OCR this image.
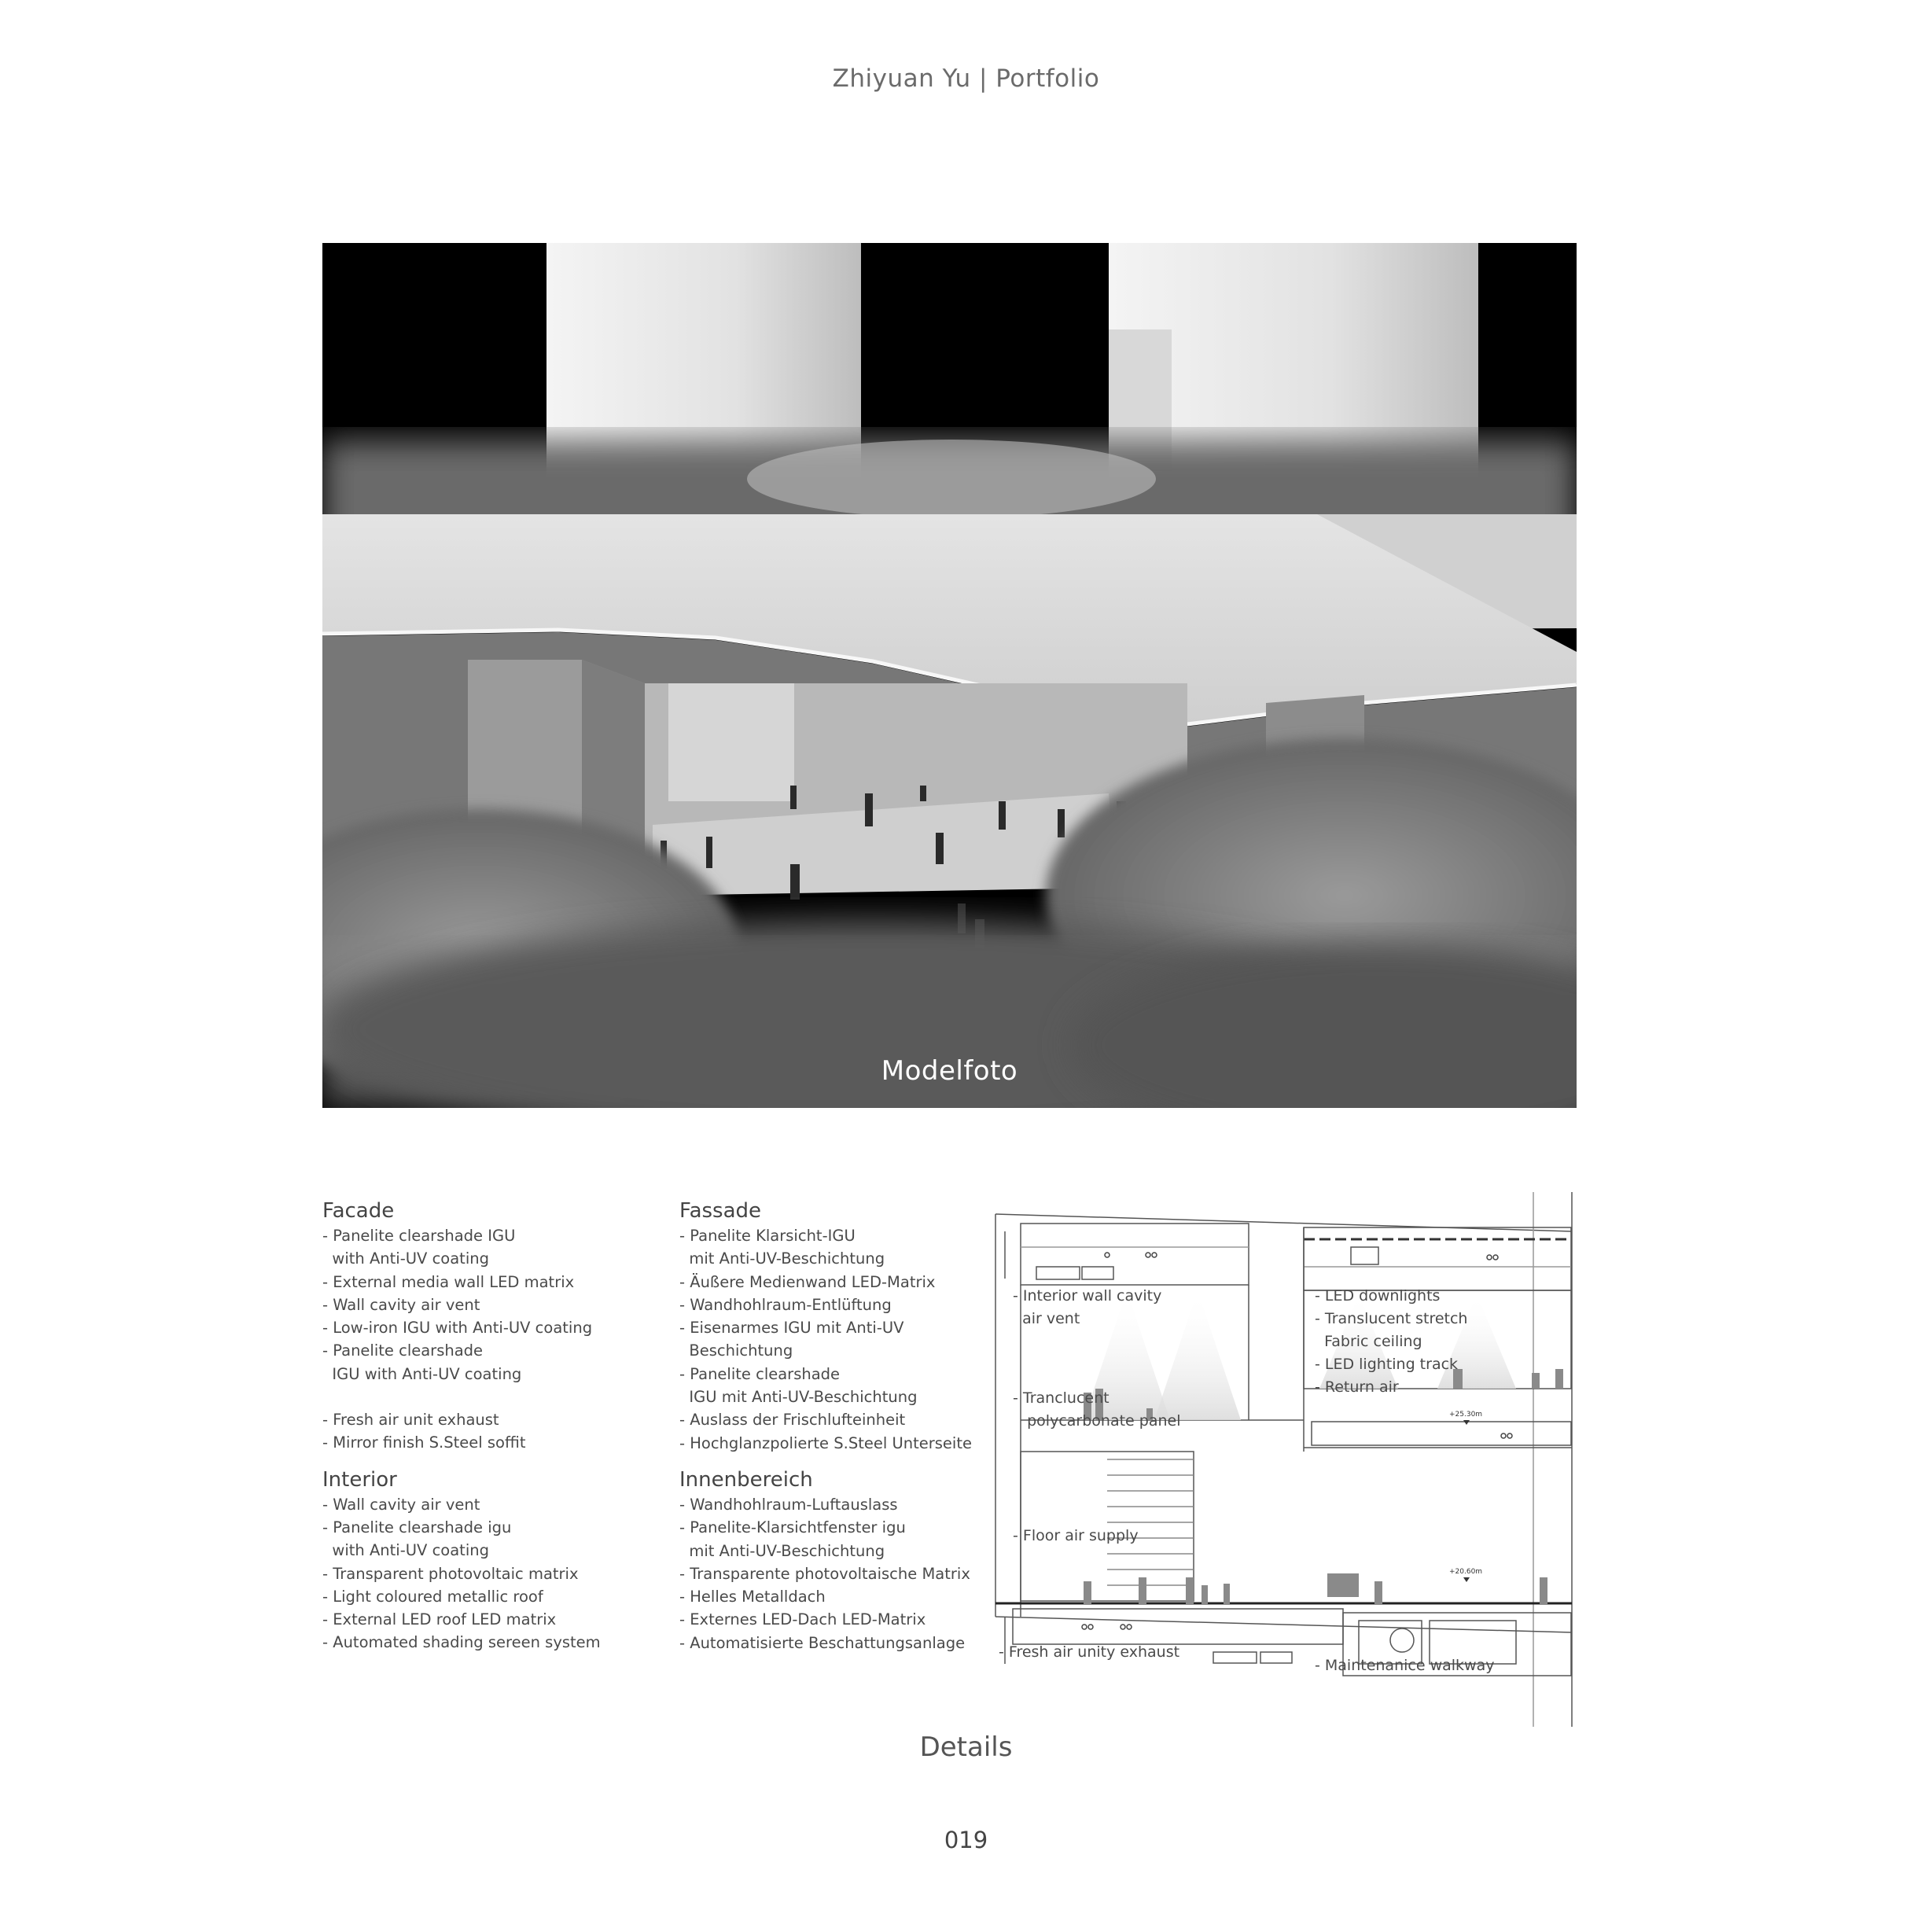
Zhiyuan Yu | Portfolio
Modelfoto
Facade
- Panelite clearshade IGU
with Anti-UV coating
- External media wall LED matrix
- Wall cavity air vent
- Low-iron IGU with Anti-UV coating
- Panelite clearshade
IGU with Anti-UV coating
- Fresh air unit exhaust
- Mirror finish S.Steel soffit
Interior
- Wall cavity air vent
- Panelite clearshade igu
with Anti-UV coating
- Transparent photovoltaic matrix
- Light coloured metallic roof
- External LED roof LED matrix
- Automated shading sereen system
Fassade
- Panelite Klarsicht-IGU
mit Anti-UV-Beschichtung
- Äußere Medienwand LED-Matrix
- Wandhohlraum-Entlüftung
- Eisenarmes IGU mit Anti-UV
Beschichtung
- Panelite clearshade
IGU mit Anti-UV-Beschichtung
- Auslass der Frischlufteinheit
- Hochglanzpolierte S.Steel Unterseite
Innenbereich
- Wandhohlraum-Luftauslass
- Panelite-Klarsichtfenster igu
mit Anti-UV-Beschichtung
- Transparente photovoltaische Matrix
- Helles Metalldach
- Externes LED-Dach LED-Matrix
- Automatisierte Beschattungsanlage
+25.30m
+20.60m
- Interior wall cavity
air vent
- Tranclucent
polycarbonate panel
- Floor air supply
- Fresh air unity exhaust
- LED downlights
- Translucent stretch
Fabric ceiling
- LED lighting track
- Return air
- Maintenanice walkway
Details
019
